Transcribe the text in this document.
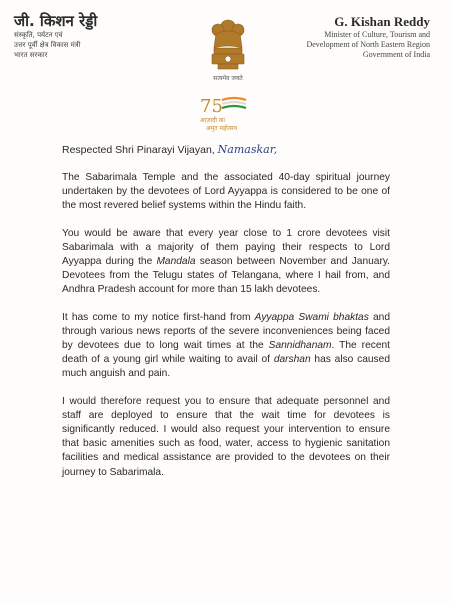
जी. किशन रेड्डी
संस्कृति, पर्यटन एवं
उत्तर पूर्वी क्षेत्र विकास मंत्री
भारत सरकार
सत्यमेव जयते
G. Kishan Reddy
Minister of Culture, Tourism and
Development of North Eastern Region
Government of India
75
आज़ादी का
अमृत महोत्सव
Respected Shri Pinarayi Vijayan, Namaskar,

The Sabarimala Temple and the associated 40-day spiritual journey undertaken by the devotees of Lord Ayyappa is considered to be one of the most revered belief systems within the Hindu faith.

You would be aware that every year close to 1 crore devotees visit Sabarimala with a majority of them paying their respects to Lord Ayyappa during the Mandala season between November and January. Devotees from the Telugu states of Telangana, where I hail from, and Andhra Pradesh account for more than 15 lakh devotees.

It has come to my notice first-hand from Ayyappa Swami bhaktas and through various news reports of the severe inconveniences being faced by devotees due to long wait times at the Sannidhanam. The recent death of a young girl while waiting to avail of darshan has also caused much anguish and pain.

I would therefore request you to ensure that adequate personnel and staff are deployed to ensure that the wait time for devotees is significantly reduced. I would also request your intervention to ensure that basic amenities such as food, water, access to hygienic sanitation facilities and medical assistance are provided to the devotees on their journey to Sabarimala.
